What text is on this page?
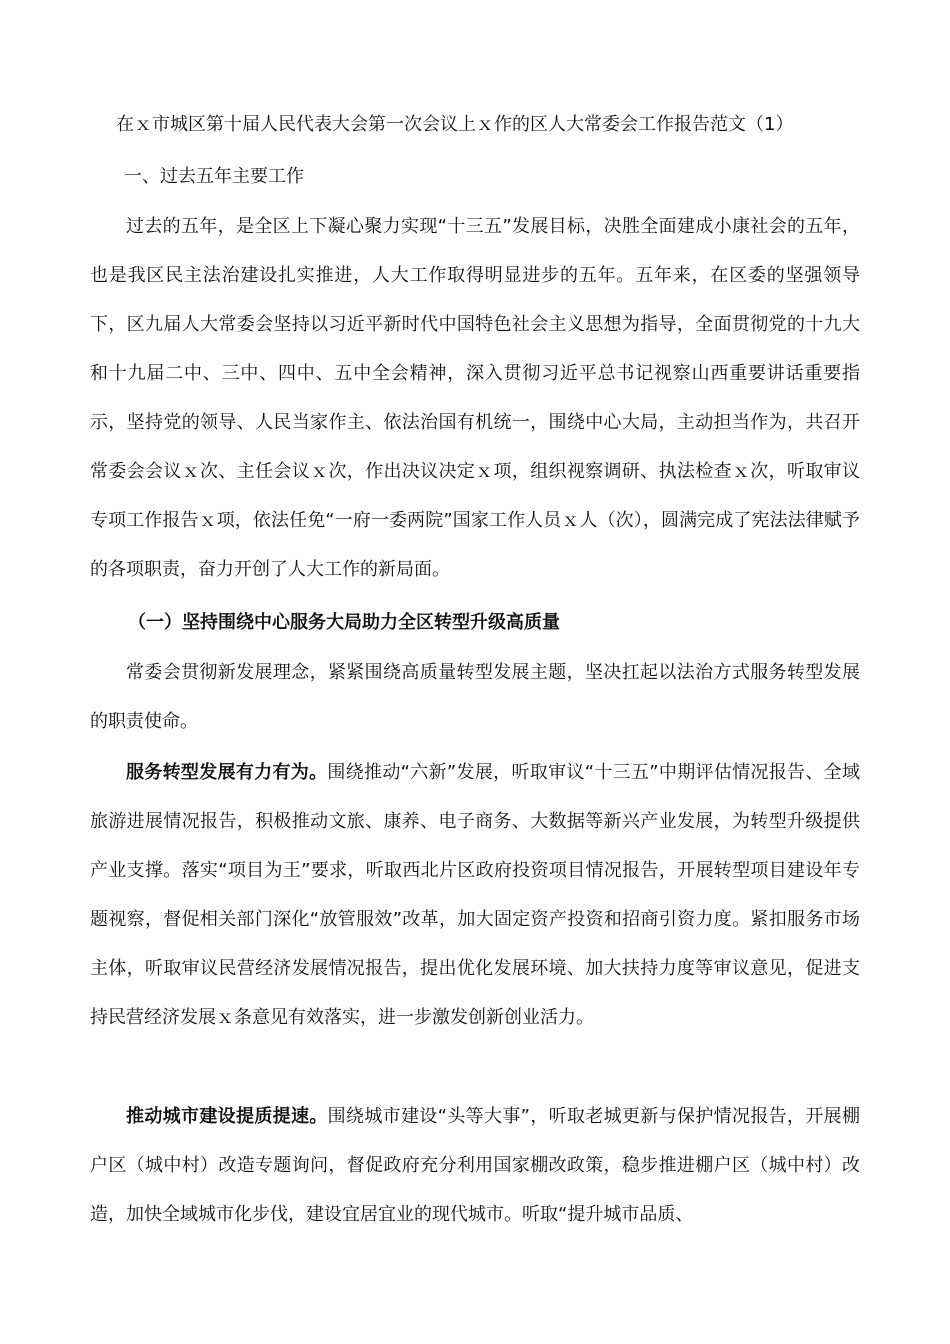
在ｘ市城区第十届人民代表大会第一次会议上ｘ作的区人大常委会工作报告范文（1）
一、过去五年主要工作

过去的五年，是全区上下凝心聚力实现“十三五”发展目标，决胜全面建成小康社会的五年，也是我区民主法治建设扎实推进，人大工作取得明显进步的五年。五年来，在区委的坚强领导下，区九届人大常委会坚持以习近平新时代中国特色社会主义思想为指导，全面贯彻党的十九大和十九届二中、三中、四中、五中全会精神，深入贯彻习近平总书记视察山西重要讲话重要指示，坚持党的领导、人民当家作主、依法治国有机统一，围绕中心大局，主动担当作为，共召开常委会会议ｘ次、主任会议ｘ次，作出决议决定ｘ项，组织视察调研、执法检查ｘ次，听取审议专项工作报告ｘ项，依法任免“一府一委两院”国家工作人员ｘ人（次），圆满完成了宪法法律赋予的各项职责，奋力开创了人大工作的新局面。

（一）坚持围绕中心服务大局助力全区转型升级高质量

常委会贯彻新发展理念，紧紧围绕高质量转型发展主题，坚决扛起以法治方式服务转型发展的职责使命。

服务转型发展有力有为。围绕推动“六新”发展，听取审议“十三五”中期评估情况报告、全域旅游进展情况报告，积极推动文旅、康养、电子商务、大数据等新兴产业发展，为转型升级提供产业支撑。落实“项目为王”要求，听取西北片区政府投资项目情况报告，开展转型项目建设年专题视察，督促相关部门深化“放管服效”改革，加大固定资产投资和招商引资力度。紧扣服务市场主体，听取审议民营经济发展情况报告，提出优化发展环境、加大扶持力度等审议意见，促进支持民营经济发展ｘ条意见有效落实，进一步激发创新创业活力。

推动城市建设提质提速。围绕城市建设“头等大事”，听取老城更新与保护情况报告，开展棚户区（城中村）改造专题询问，督促政府充分利用国家棚改政策，稳步推进棚户区（城中村）改造，加快全域城市化步伐，建设宜居宜业的现代城市。听取“提升城市品质、
